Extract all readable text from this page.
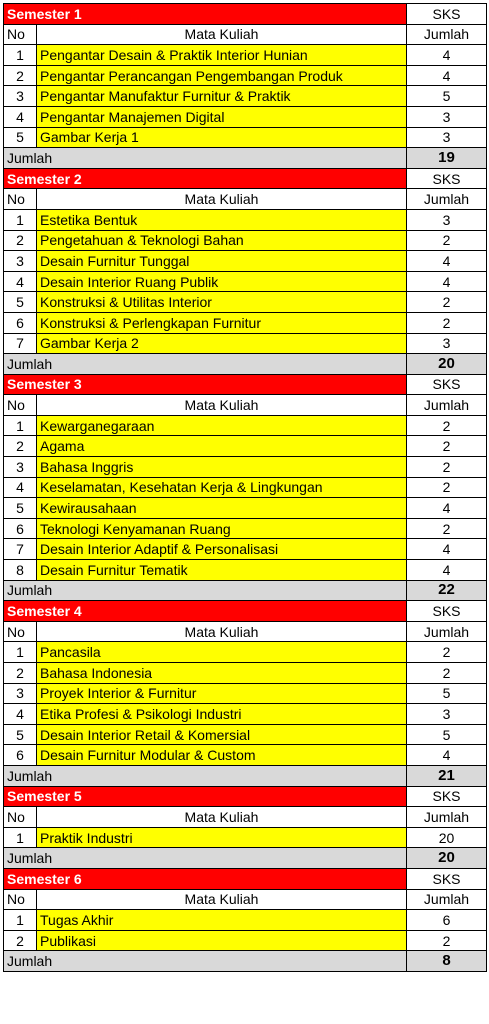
Semester 1		SKS
No	Mata Kuliah	Jumlah
1	Pengantar Desain & Praktik Interior Hunian	4
2	Pengantar Perancangan Pengembangan Produk	4
3	Pengantar Manufaktur Furnitur & Praktik	5
4	Pengantar Manajemen Digital	3
5	Gambar Kerja 1	3
Jumlah		19
Semester 2		SKS
No	Mata Kuliah	Jumlah
1	Estetika Bentuk	3
2	Pengetahuan & Teknologi Bahan	2
3	Desain Furnitur Tunggal	4
4	Desain Interior Ruang Publik	4
5	Konstruksi & Utilitas Interior	2
6	Konstruksi & Perlengkapan Furnitur	2
7	Gambar Kerja 2	3
Jumlah		20
Semester 3		SKS
No	Mata Kuliah	Jumlah
1	Kewarganegaraan	2
2	Agama	2
3	Bahasa Inggris	2
4	Keselamatan, Kesehatan Kerja & Lingkungan	2
5	Kewirausahaan	4
6	Teknologi Kenyamanan Ruang	2
7	Desain Interior Adaptif & Personalisasi	4
8	Desain Furnitur Tematik	4
Jumlah		22
Semester 4		SKS
No	Mata Kuliah	Jumlah
1	Pancasila	2
2	Bahasa Indonesia	2
3	Proyek Interior & Furnitur	5
4	Etika Profesi & Psikologi Industri	3
5	Desain Interior Retail & Komersial	5
6	Desain Furnitur Modular & Custom	4
Jumlah		21
Semester 5		SKS
No	Mata Kuliah	Jumlah
1	Praktik Industri	20
Jumlah		20
Semester 6		SKS
No	Mata Kuliah	Jumlah
1	Tugas Akhir	6
2	Publikasi	2
Jumlah		8
